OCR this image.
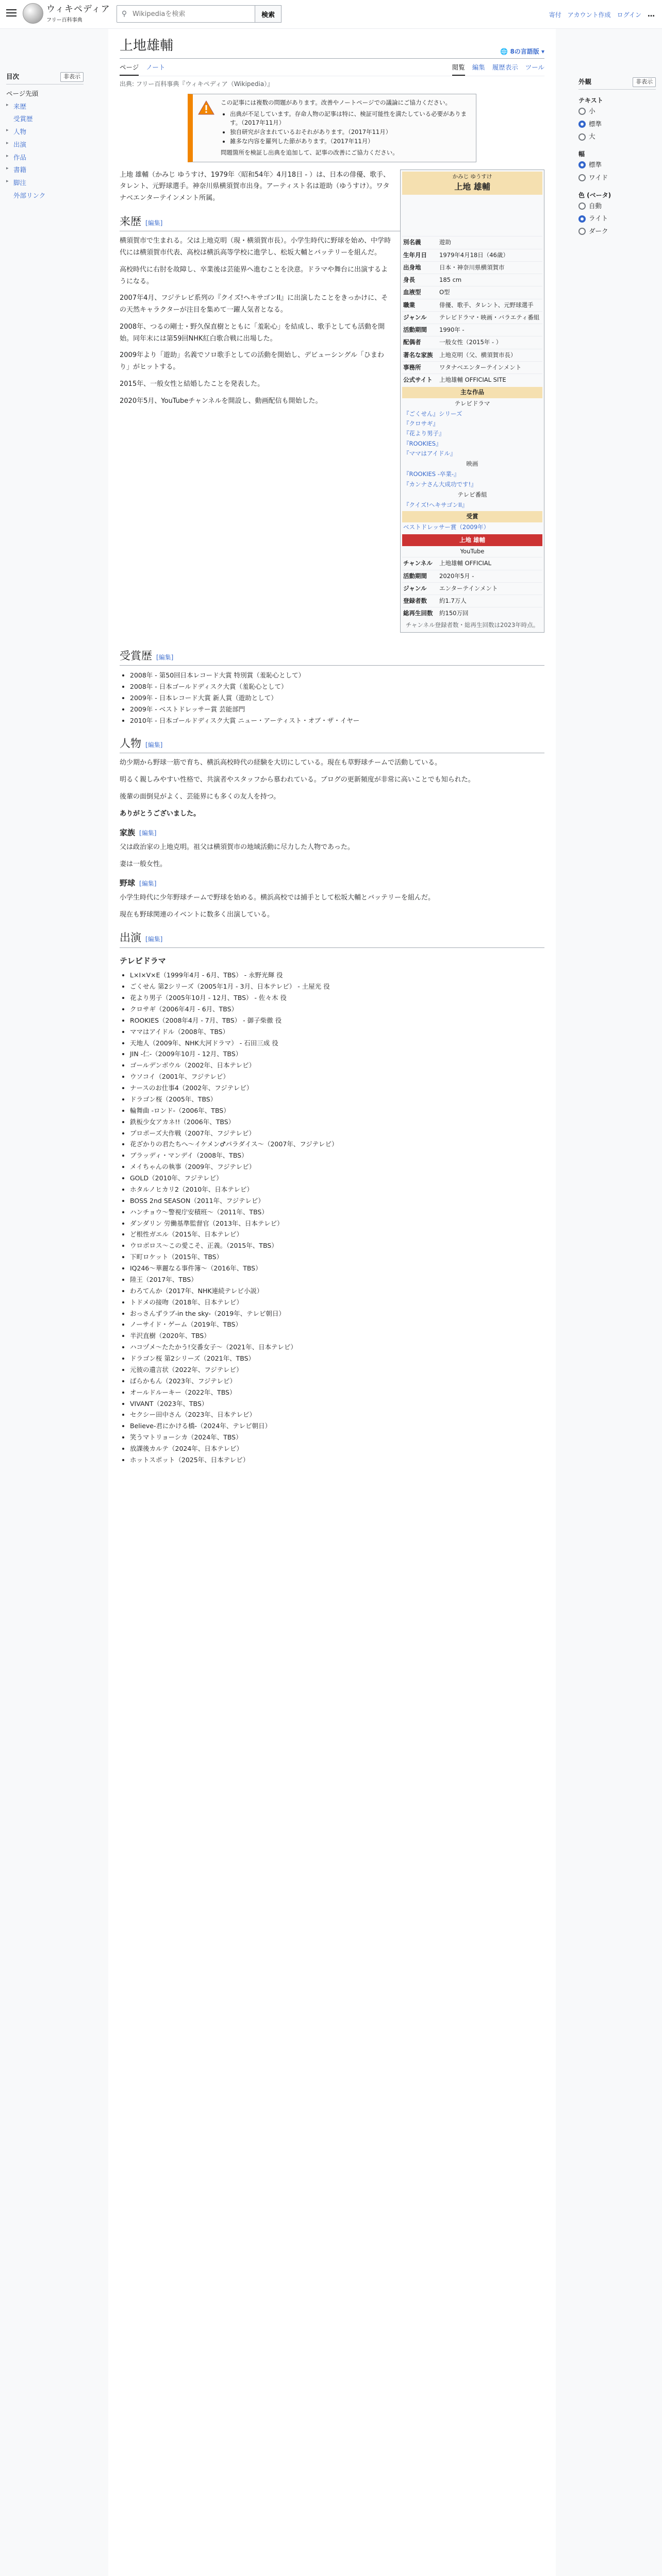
ウィキペディア
フリー百科事典
⚲
Wikipediaを検索	検索	寄付 アカウント作成 ログイン …
目次	非表示
ページ先頭
▸ 来歴
受賞歴
▸ 人物
▸ 出演
▸ 作品
▸ 書籍
▸ 脚注
外部リンク
外観	非表示
テキスト
小
標準
大
幅
標準
ワイド
色 (ベータ)
自動
ライト
ダーク
上地雄輔	🌐 8の言語版 ▾
ページ ノート	閲覧 編集 履歴表示 ツール
出典: フリー百科事典『ウィキペディア（Wikipedia）』
この記事には複数の問題があります。改善やノートページでの議論にご協力ください。
• 出典が不足しています。存命人物の記事は特に、検証可能性を満たしている必要があります。（2017年11月）
• 独自研究が含まれているおそれがあります。（2017年11月）
• 雑多な内容を羅列した節があります。（2017年11月）
問題箇所を検証し出典を追加して、記事の改善にご協力ください。
かみじ ゆうすけ
上地 雄輔
別名義	遊助
生年月日	1979年4月18日（46歳）
出身地	日本・神奈川県横須賀市
身長	185 cm
血液型	O型
職業	俳優、歌手、タレント、元野球選手
ジャンル	テレビドラマ・映画・バラエティ番組
活動期間	1990年 -
配偶者	一般女性（2015年 - ）
著名な家族	上地克明（父、横須賀市長）
事務所	ワタナベエンターテインメント
公式サイト	上地雄輔 OFFICIAL SITE
主な作品
テレビドラマ
『ごくせん』シリーズ
『クロサギ』
『花より男子』
『ROOKIES』
『ママはアイドル』
映画
『ROOKIES -卒業-』
『カンナさん大成功です!』
テレビ番組
『クイズ!ヘキサゴンII』
受賞
ベストドレッサー賞（2009年）
上地 雄輔
YouTube
チャンネル	上地雄輔 OFFICIAL
活動期間	2020年5月 -
ジャンル	エンターテインメント
登録者数	約1.7万人
総再生回数	約150万回
チャンネル登録者数・総再生回数は2023年時点。

上地 雄輔（かみじ ゆうすけ、1979年〈昭和54年〉4月18日 - ）は、日本の俳優、歌手、タレント、元野球選手。神奈川県横須賀市出身。アーティスト名は遊助（ゆうすけ）。ワタナベエンターテインメント所属。

来歴 [編集]

横須賀市で生まれる。父は上地克明（現・横須賀市長）。小学生時代に野球を始め、中学時代には横須賀市代表、高校は横浜高等学校に進学し、松坂大輔とバッテリーを組んだ。

高校時代に右肘を故障し、卒業後は芸能界へ進むことを決意。ドラマや舞台に出演するようになる。

2007年4月、フジテレビ系列の『クイズ!ヘキサゴンII』に出演したことをきっかけに、その天然キャラクターが注目を集めて一躍人気者となる。

2008年、つるの剛士・野久保直樹とともに「羞恥心」を結成し、歌手としても活動を開始。同年末には第59回NHK紅白歌合戦に出場した。

2009年より「遊助」名義でソロ歌手としての活動を開始し、デビューシングル「ひまわり」がヒットする。

2015年、一般女性と結婚したことを発表した。

2020年5月、YouTubeチャンネルを開設し、動画配信も開始した。

受賞歴 [編集]
• 2008年 - 第50回日本レコード大賞 特別賞（羞恥心として）
• 2008年 - 日本ゴールドディスク大賞（羞恥心として）
• 2009年 - 日本レコード大賞 新人賞（遊助として）
• 2009年 - ベストドレッサー賞 芸能部門
• 2010年 - 日本ゴールドディスク大賞 ニュー・アーティスト・オブ・ザ・イヤー
人物 [編集]

幼少期から野球一筋で育ち、横浜高校時代の経験を大切にしている。現在も草野球チームで活動している。

明るく親しみやすい性格で、共演者やスタッフから慕われている。ブログの更新頻度が非常に高いことでも知られた。

後輩の面倒見がよく、芸能界にも多くの友人を持つ。

ありがとうございました。

家族 [編集]

父は政治家の上地克明。祖父は横須賀市の地域活動に尽力した人物であった。

妻は一般女性。

野球 [編集]

小学生時代に少年野球チームで野球を始める。横浜高校では捕手として松坂大輔とバッテリーを組んだ。

現在も野球関連のイベントに数多く出演している。

出演 [編集]
テレビドラマ
• L×I×V×E（1999年4月 - 6月、TBS） - 永野光輝 役
• ごくせん 第2シリーズ（2005年1月 - 3月、日本テレビ） - 土屋光 役
• 花より男子（2005年10月 - 12月、TBS） - 佐々木 役
• クロサギ（2006年4月 - 6月、TBS）
• ROOKIES（2008年4月 - 7月、TBS） - 御子柴徹 役
• ママはアイドル（2008年、TBS）
• 天地人（2009年、NHK大河ドラマ） - 石田三成 役
• JIN -仁-（2009年10月 - 12月、TBS）
• ゴールデンボウル（2002年、日本テレビ）
• ウソコイ（2001年、フジテレビ）
• ナースのお仕事4（2002年、フジテレビ）
• ドラゴン桜（2005年、TBS）
• 輪舞曲 -ロンド-（2006年、TBS）
• 鉄板少女アカネ!!（2006年、TBS）
• プロポーズ大作戦（2007年、フジテレビ）
• 花ざかりの君たちへ〜イケメン♂パラダイス〜（2007年、フジテレビ）
• ブラッディ・マンデイ（2008年、TBS）
• メイちゃんの執事（2009年、フジテレビ）
• GOLD（2010年、フジテレビ）
• ホタルノヒカリ2（2010年、日本テレビ）
• BOSS 2nd SEASON（2011年、フジテレビ）
• ハンチョウ〜警視庁安積班〜（2011年、TBS）
• ダンダリン 労働基準監督官（2013年、日本テレビ）
• ど根性ガエル（2015年、日本テレビ）
• ウロボロス〜この愛こそ、正義。（2015年、TBS）
• 下町ロケット（2015年、TBS）
• IQ246〜華麗なる事件簿〜（2016年、TBS）
• 陸王（2017年、TBS）
• わろてんか（2017年、NHK連続テレビ小説）
• トドメの接吻（2018年、日本テレビ）
• おっさんずラブ-in the sky-（2019年、テレビ朝日）
• ノーサイド・ゲーム（2019年、TBS）
• 半沢直樹（2020年、TBS）
• ハコヅメ〜たたかう!交番女子〜（2021年、日本テレビ）
• ドラゴン桜 第2シリーズ（2021年、TBS）
• 元彼の遺言状（2022年、フジテレビ）
• ばらかもん（2023年、フジテレビ）
• オールドルーキー（2022年、TBS）
• VIVANT（2023年、TBS）
• セクシー田中さん（2023年、日本テレビ）
• Believe-君にかける橋-（2024年、テレビ朝日）
• 笑うマトリョーシカ（2024年、TBS）
• 放課後カルテ（2024年、日本テレビ）
• ホットスポット（2025年、日本テレビ）
